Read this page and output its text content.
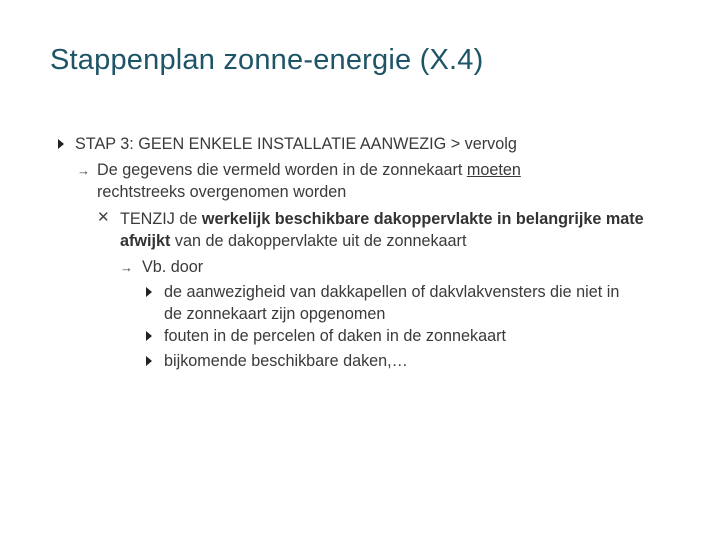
Stappenplan zonne-energie (X.4)
STAP 3: GEEN ENKELE INSTALLATIE AANWEZIG > vervolg
→ De gegevens die vermeld worden in de zonnekaart moeten
rechtstreeks overgenomen worden
✕ TENZIJ de werkelijk beschikbare dakoppervlakte in belangrijke mate
afwijkt van de dakoppervlakte uit de zonnekaart
→ Vb. door
de aanwezigheid van dakkapellen of dakvlakvensters die niet in
de zonnekaart zijn opgenomen
fouten in de percelen of daken in de zonnekaart
bijkomende beschikbare daken,…
